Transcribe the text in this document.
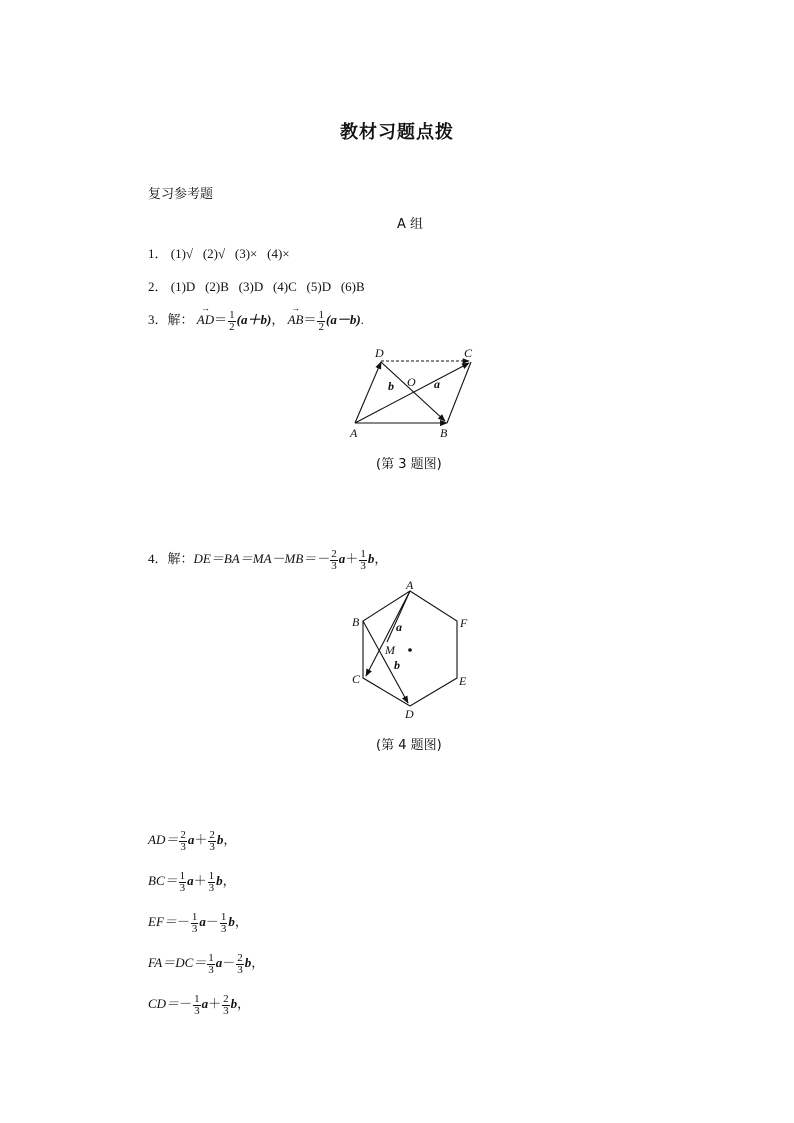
教材习题点拨
复习参考题
A 组
1． (1)√ (2)√ (3)× (4)×
2． (1)D (2)B (3)D (4)C (5)D (6)B
3．解：
→
$AD= \frac{1}{2} (a+b)$，
→
$AB= \frac{1}{2} (a-b)$.
A	B
C
D
O a
b
(第 3 题图)
4．解：$DE=BA=MA-MB=- \frac{2}{3} a+ \frac{1}{3}$ b，
A
B
C
D
E
F
M
a
b
(第 4 题图)
$AD= \frac{2}{3} a+ \frac{2}{3}$ b，
$BC= \frac{1}{3} a+ \frac{1}{3}$ b，
$EF=- \frac{1}{3} a- \frac{1}{3}$ b，
$FA=DC= \frac{1}{3} a- \frac{2}{3}$ b，
$CD=- \frac{1}{3} a+ \frac{2}{3}$ b，
